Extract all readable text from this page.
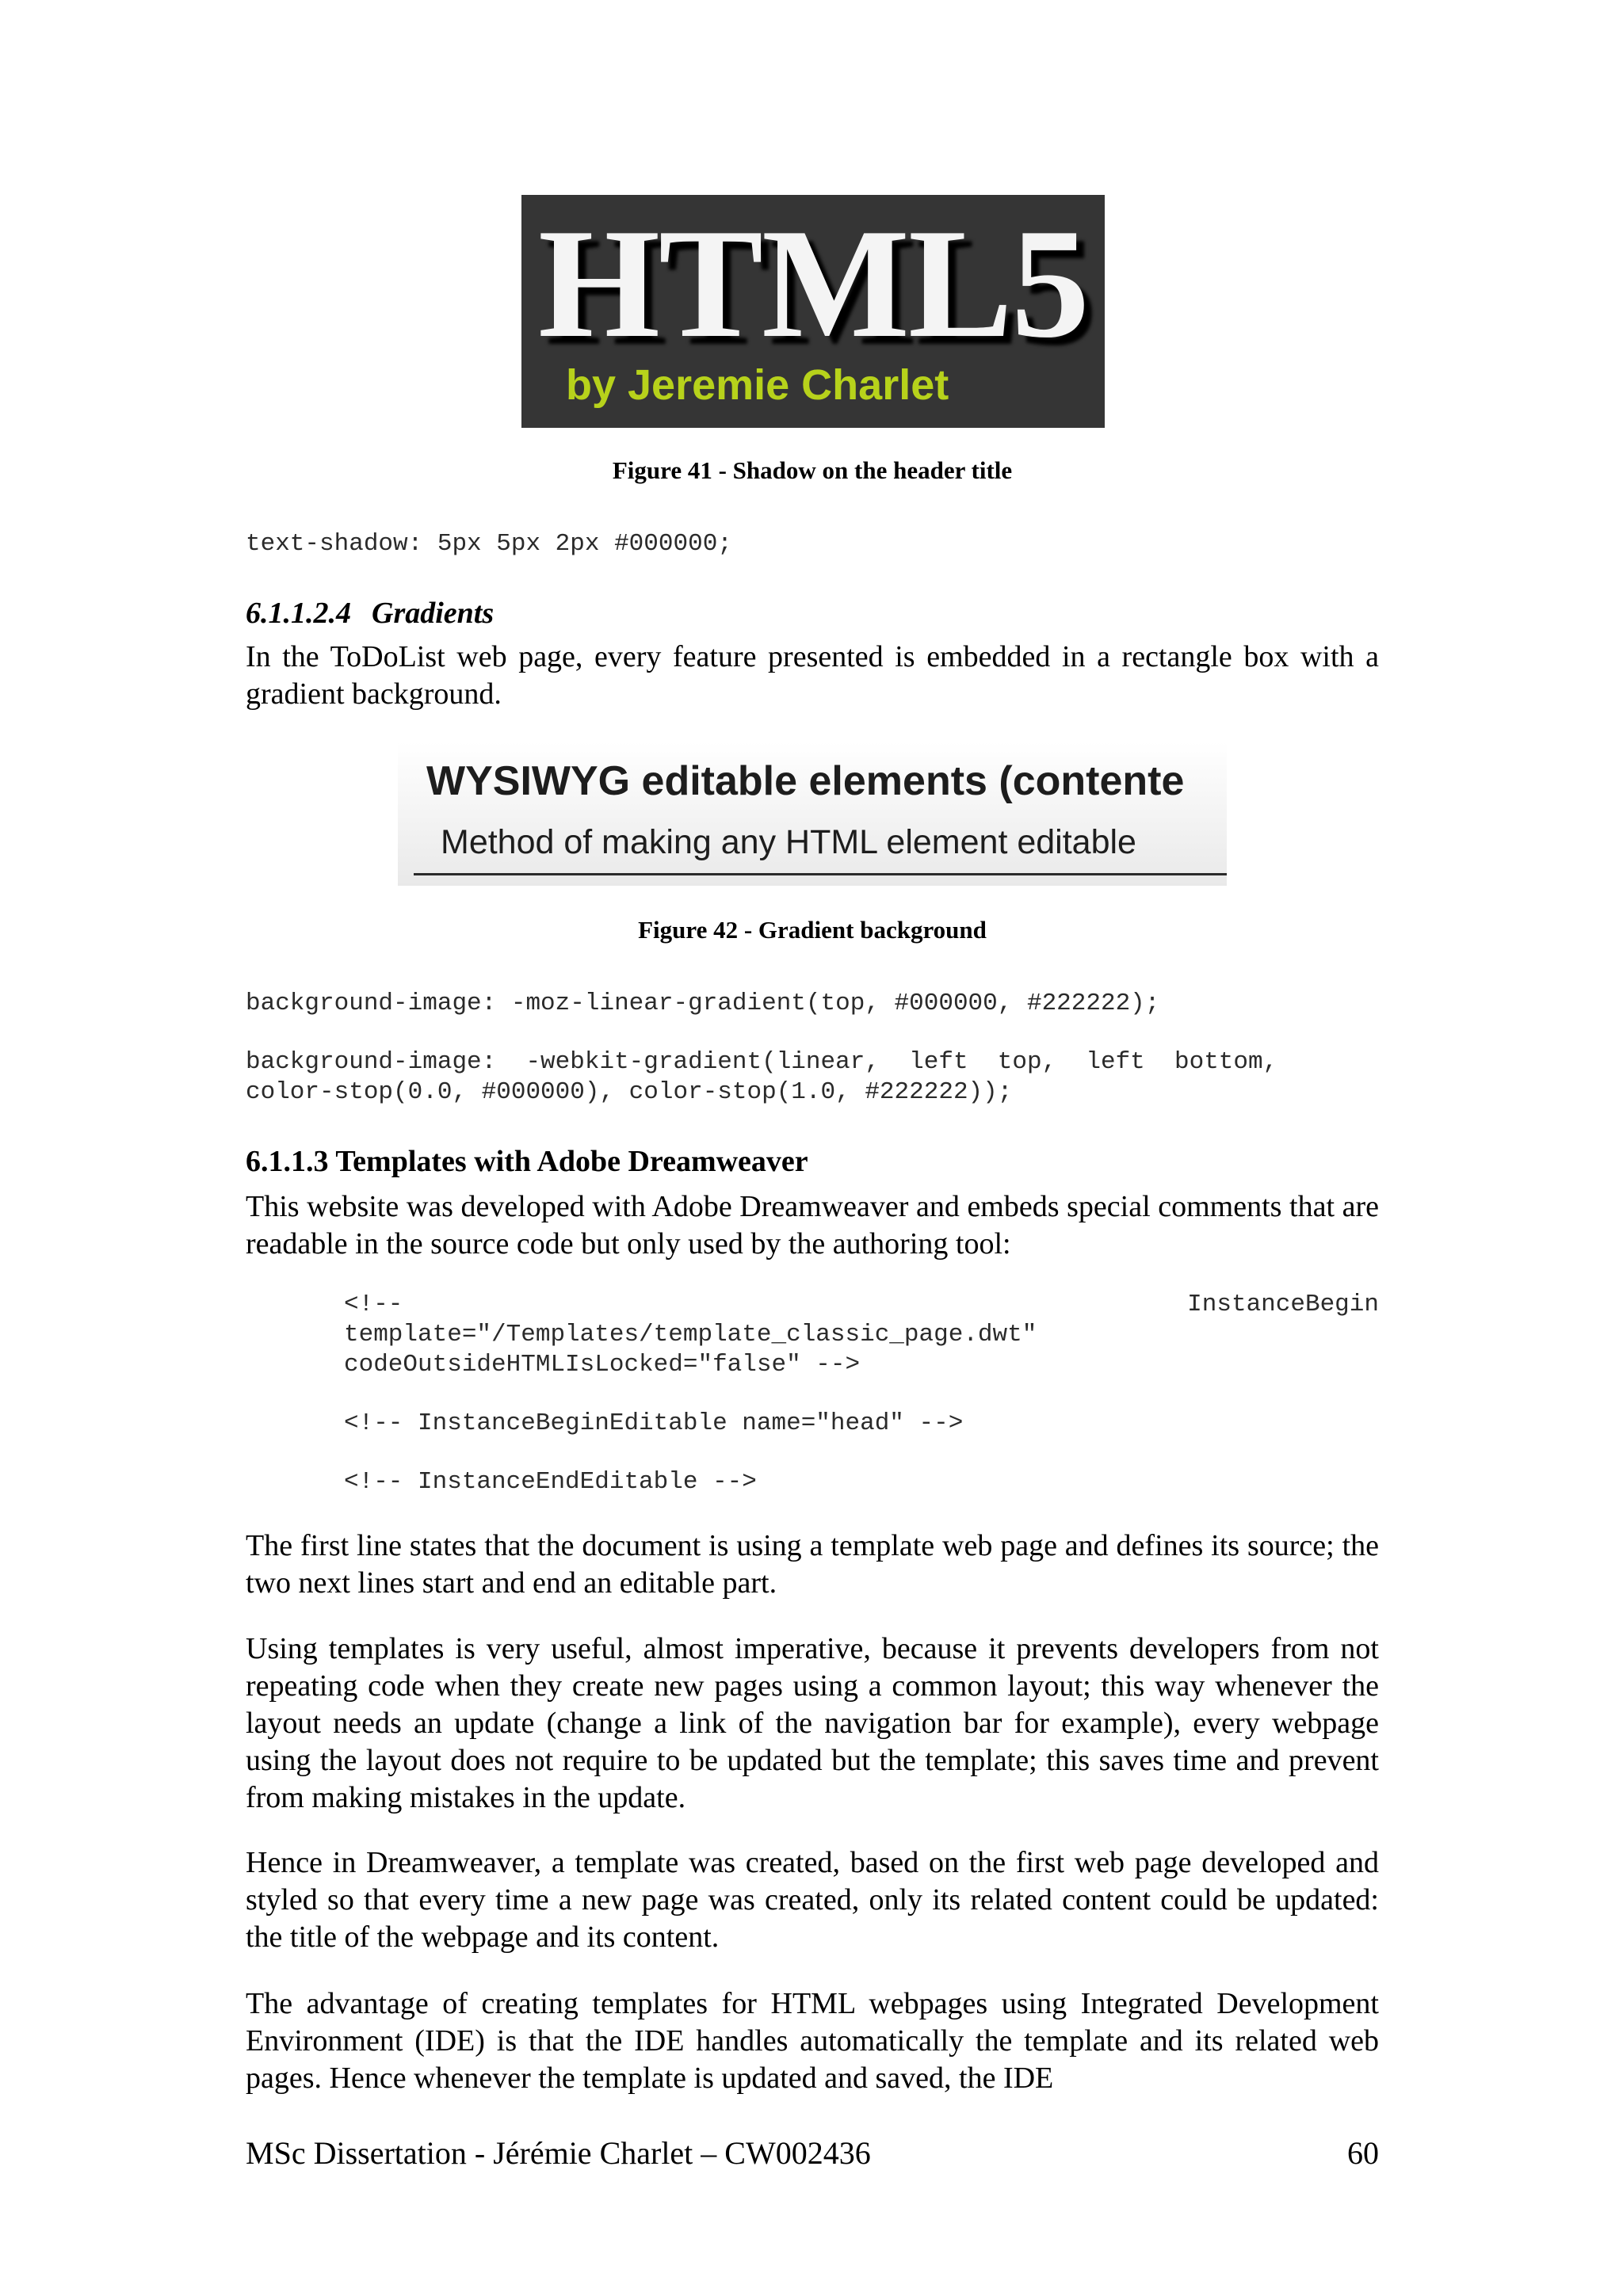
HTML5
by Jeremie Charlet
Figure 41 - Shadow on the header title
text-shadow: 5px 5px 2px #000000;
6.1.1.2.4 Gradients
In the ToDoList web page, every feature presented is embedded in a rectangle box with a gradient background.
WYSIWYG editable elements (contente
Method of making any HTML element editable
Figure 42 - Gradient background
background-image: -moz-linear-gradient(top, #000000, #222222);
background-image:  -webkit-gradient(linear,  left  top,  left  bottom,
color-stop(0.0, #000000), color-stop(1.0, #222222));
6.1.1.3 Templates with Adobe Dreamweaver
This website was developed with Adobe Dreamweaver and embeds special comments that are readable in the source code but only used by the authoring tool:
<!--	InstanceBegin
template="/Templates/template_classic_page.dwt"
codeOutsideHTMLIsLocked="false" -->
<!-- InstanceBeginEditable name="head" -->
<!-- InstanceEndEditable -->
The first line states that the document is using a template web page and defines its source; the two next lines start and end an editable part.
Using templates is very useful, almost imperative, because it prevents developers from not repeating code when they create new pages using a common layout; this way whenever the layout needs an update (change a link of the navigation bar for example), every webpage using the layout does not require to be updated but the template; this saves time and prevent from making mistakes in the update.
Hence in Dreamweaver, a template was created, based on the first web page developed and styled so that every time a new page was created, only its related content could be updated: the title of the webpage and its content.
The advantage of creating templates for HTML webpages using Integrated Development Environment (IDE) is that the IDE handles automatically the template and its related web pages. Hence whenever the template is updated and saved, the IDE
MSc Dissertation - Jérémie Charlet – CW002436	60
